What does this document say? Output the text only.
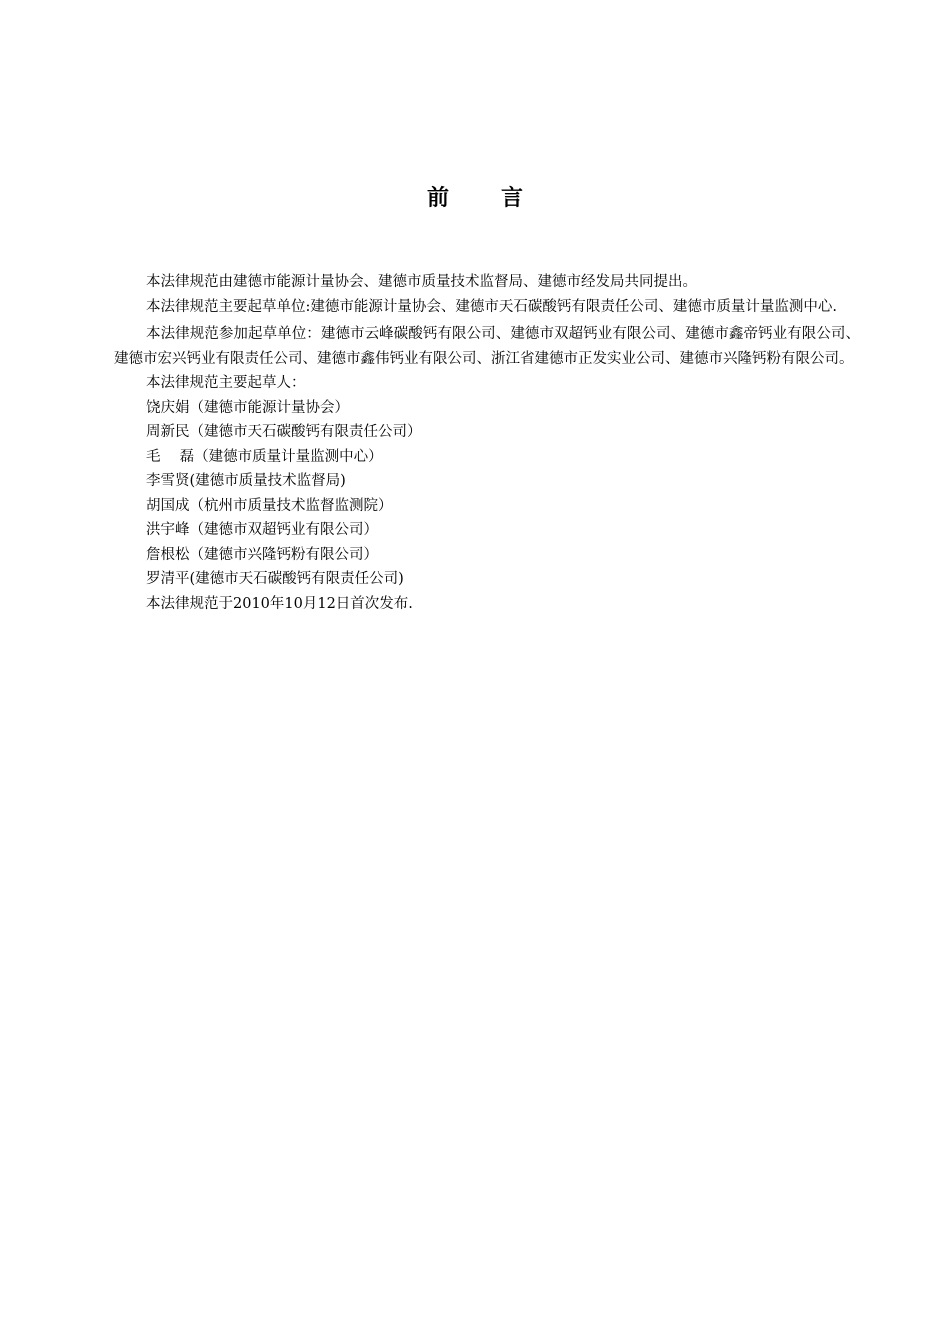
前言

本法律规范由建德市能源计量协会、建德市质量技术监督局、建德市经发局共同提出。

本法律规范主要起草单位:建德市能源计量协会、建德市天石碳酸钙有限责任公司、建德市质量计量监测中心.

本法律规范参加起草单位：建德市云峰碳酸钙有限公司、建德市双超钙业有限公司、建德市鑫帝钙业有限公司、建德市宏兴钙业有限责任公司、建德市鑫伟钙业有限公司、浙江省建德市正发实业公司、建德市兴隆钙粉有限公司。

本法律规范主要起草人：

饶庆娟（建德市能源计量协会）

周新民（建德市天石碳酸钙有限责任公司）

毛　 磊（建德市质量计量监测中心）

李雪贤(建德市质量技术监督局)

胡国成（杭州市质量技术监督监测院）

洪宇峰（建德市双超钙业有限公司）

詹根松（建德市兴隆钙粉有限公司）

罗清平(建德市天石碳酸钙有限责任公司)

本法律规范于2010年10月12日首次发布.
